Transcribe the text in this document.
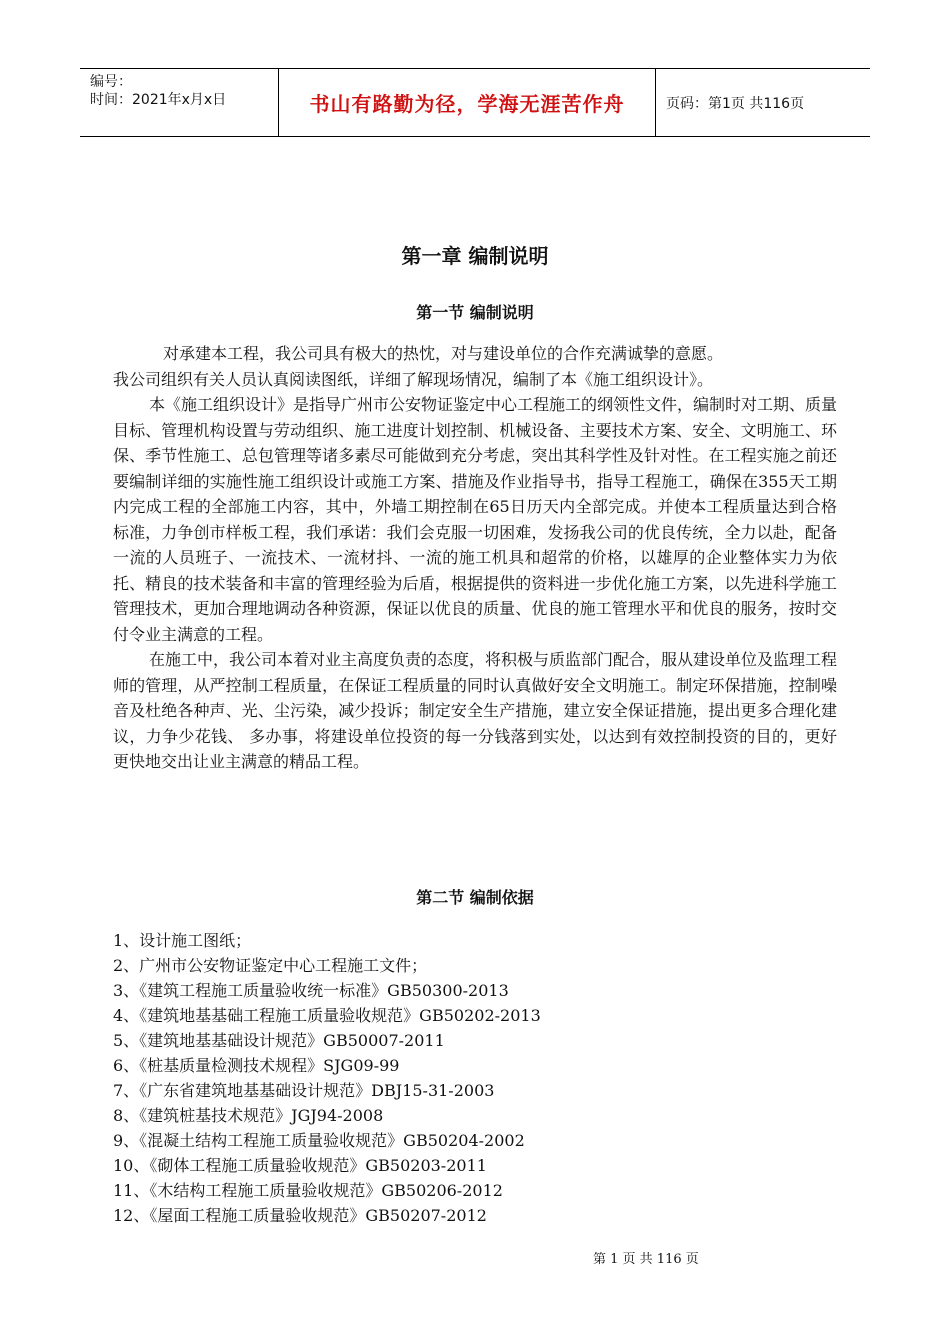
编号：
时间：2021年x月x日	书山有路勤为径，学海无涯苦作舟	页码：第1页 共116页
第一章 编制说明
第一节 编制说明

对承建本工程，我公司具有极大的热忱，对与建设单位的合作充满诚挚的意愿。

我公司组织有关人员认真阅读图纸，详细了解现场情况，编制了本《施工组织设计》。

本《施工组织设计》是指导广州市公安物证鉴定中心工程施工的纲领性文件，编制时对工期、质量目标、管理机构设置与劳动组织、施工进度计划控制、机械设备、主要技术方案、安全、文明施工、环保、季节性施工、总包管理等诸多素尽可能做到充分考虑，突出其科学性及针对性。在工程实施之前还要编制详细的实施性施工组织设计或施工方案、措施及作业指导书，指导工程施工，确保在355天工期内完成工程的全部施工内容，其中，外墙工期控制在65日历天内全部完成。并使本工程质量达到合格标准，力争创市样板工程，我们承诺：我们会克服一切困难，发扬我公司的优良传统，全力以赴，配备一流的人员班子、一流技术、一流材抖、一流的施工机具和超常的价格，以雄厚的企业整体实力为依托、精良的技术装备和丰富的管理经验为后盾，根据提供的资料进一步优化施工方案，以先进科学施工管理技术，更加合理地调动各种资源，保证以优良的质量、优良的施工管理水平和优良的服务，按时交付令业主满意的工程。

在施工中，我公司本着对业主高度负责的态度，将积极与质监部门配合，服从建设单位及监理工程师的管理，从严控制工程质量，在保证工程质量的同时认真做好安全文明施工。制定环保措施，控制噪音及杜绝各种声、光、尘污染，减少投诉；制定安全生产措施，建立安全保证措施，提出更多合理化建议，力争少花钱、 多办事，将建设单位投资的每一分钱落到实处，以达到有效控制投资的目的，更好更快地交出让业主满意的精品工程。

第二节 编制依据
1、设计施工图纸；
2、广州市公安物证鉴定中心工程施工文件；
3、《建筑工程施工质量验收统一标准》GB50300-2013
4、《建筑地基基础工程施工质量验收规范》GB50202-2013
5、《建筑地基基础设计规范》GB50007-2011
6、《桩基质量检测技术规程》SJG09-99
7、《广东省建筑地基基础设计规范》DBJ15-31-2003
8、《建筑桩基技术规范》JGJ94-2008
9、《混凝土结构工程施工质量验收规范》GB50204-2002
10、《砌体工程施工质量验收规范》GB50203-2011
11、《木结构工程施工质量验收规范》GB50206-2012
12、《屋面工程施工质量验收规范》GB50207-2012
第 1 页 共 116 页
